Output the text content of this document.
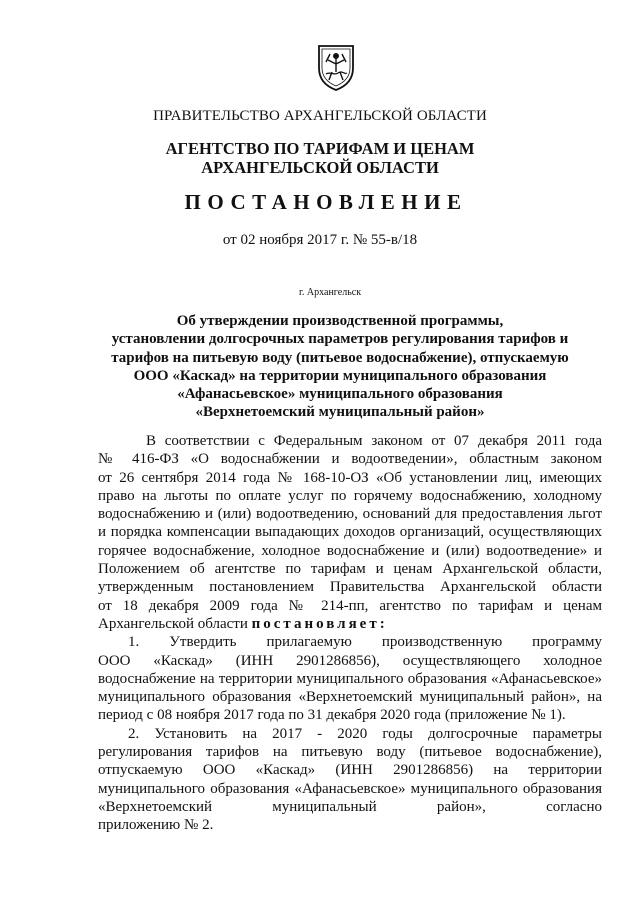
ПРАВИТЕЛЬСТВО АРХАНГЕЛЬСКОЙ ОБЛАСТИ
АГЕНТСТВО ПО ТАРИФАМ И ЦЕНАМ
АРХАНГЕЛЬСКОЙ ОБЛАСТИ
ПОСТАНОВЛЕНИЕ
от 02 ноября 2017 г. № 55-в/18
г. Архангельск
Об утверждении производственной программы,
установлении долгосрочных параметров регулирования тарифов и
тарифов на питьевую воду (питьевое водоснабжение), отпускаемую
ООО «Каскад» на территории муниципального образования
«Афанасьевское» муниципального образования
«Верхнетоемский муниципальный район»
В соответствии с Федеральным законом от 07 декабря 2011 года
№ 416-ФЗ «О водоснабжении и водоотведении», областным законом
от 26 сентября 2014 года № 168-10-ОЗ «Об установлении лиц, имеющих
право на льготы по оплате услуг по горячему водоснабжению, холодному
водоснабжению и (или) водоотведению, оснований для предоставления льгот
и порядка компенсации выпадающих доходов организаций, осуществляющих
горячее водоснабжение, холодное водоснабжение и (или) водоотведение» и
Положением об агентстве по тарифам и ценам Архангельской области,
утвержденным постановлением Правительства Архангельской области
от 18 декабря 2009 года № 214-пп, агентство по тарифам и ценам
Архангельской области постановляет:
1. Утвердить прилагаемую производственную программу
ООО «Каскад» (ИНН 2901286856), осуществляющего холодное
водоснабжение на территории муниципального образования «Афанасьевское»
муниципального образования «Верхнетоемский муниципальный район», на
период с 08 ноября 2017 года по 31 декабря 2020 года (приложение № 1).
2. Установить на 2017 - 2020 годы долгосрочные параметры
регулирования тарифов на питьевую воду (питьевое водоснабжение),
отпускаемую ООО «Каскад» (ИНН 2901286856) на территории
муниципального образования «Афанасьевское» муниципального образования
«Верхнетоемский муниципальный район», согласно
приложению № 2.
